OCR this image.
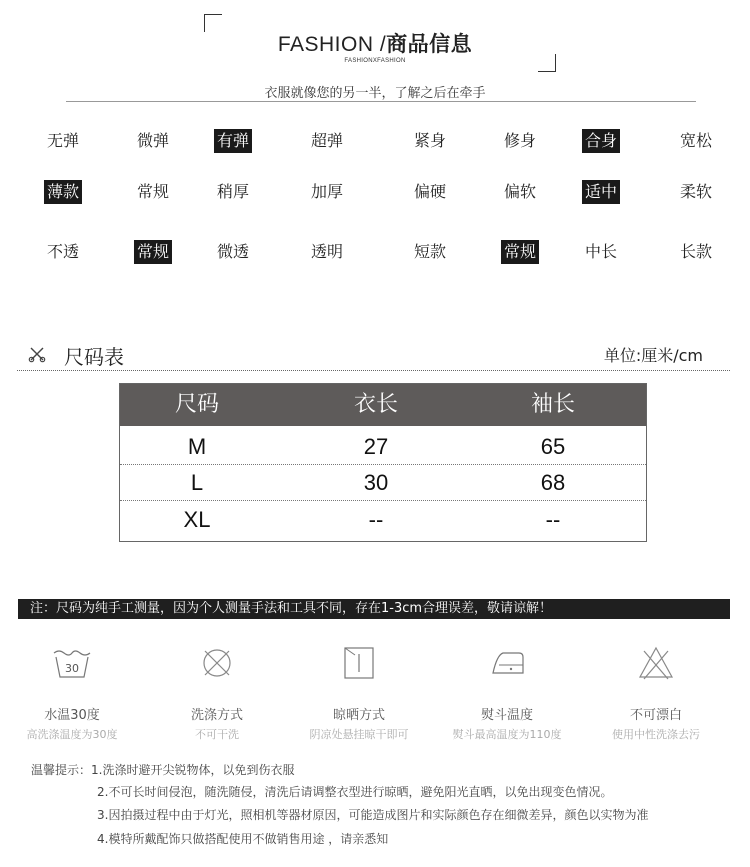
FASHION /商品信息
FASHIONXFASHION
衣服就像您的另一半，了解之后在牵手
无弹	微弹	有弹	超弹	紧身	修身	合身	宽松
薄款	常规	稍厚	加厚	偏硬	偏软	适中	柔软
不透	常规	微透	透明	短款	常规	中长	长款
尺码表	单位:厘米/cm
尺码	衣长	袖长
M	27	65
L	30	68
XL	--	--
注：尺码为纯手工测量，因为个人测量手法和工具不同，存在1-3cm合理误差，敬请谅解！
30
水温30度	洗涤方式	晾晒方式	熨斗温度	不可漂白
高洗涤温度为30度	不可干洗	阴凉处悬挂晾干即可	熨斗最高温度为110度	使用中性洗涤去污
温馨提示：1.洗涤时避开尖锐物体，以免到伤衣服
2.不可长时间侵泡，随洗随侵，清洗后请调整衣型进行晾晒，避免阳光直晒，以免出现变色情况。
3.因拍摄过程中由于灯光，照相机等器材原因，可能造成图片和实际颜色存在细微差异，颜色以实物为准
4.模特所戴配饰只做搭配使用不做销售用途 ，请亲悉知
